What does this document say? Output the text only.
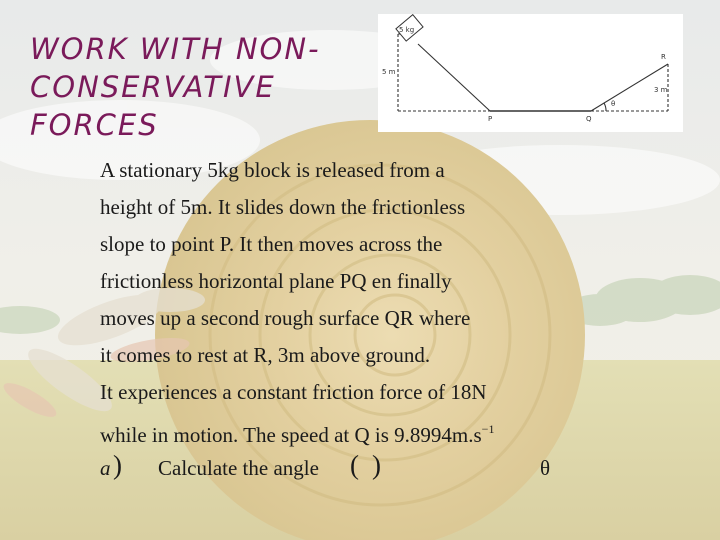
WORK WITH NON-
CONSERVATIVE
FORCES
5 kg
5 m
P	Q
R
3 m
θ
A stationary 5kg block is released from a
height of 5m. It slides down the frictionless
slope to point P. It then moves across the
frictionless horizontal plane PQ en finally
moves up a second rough surface QR where
it comes to rest at R, 3m above ground.
It experiences a constant friction force of 18N
while in motion. The speed at Q is $9.8994m.s^{-1}$
a ) Calculate the angle ( )	θ
